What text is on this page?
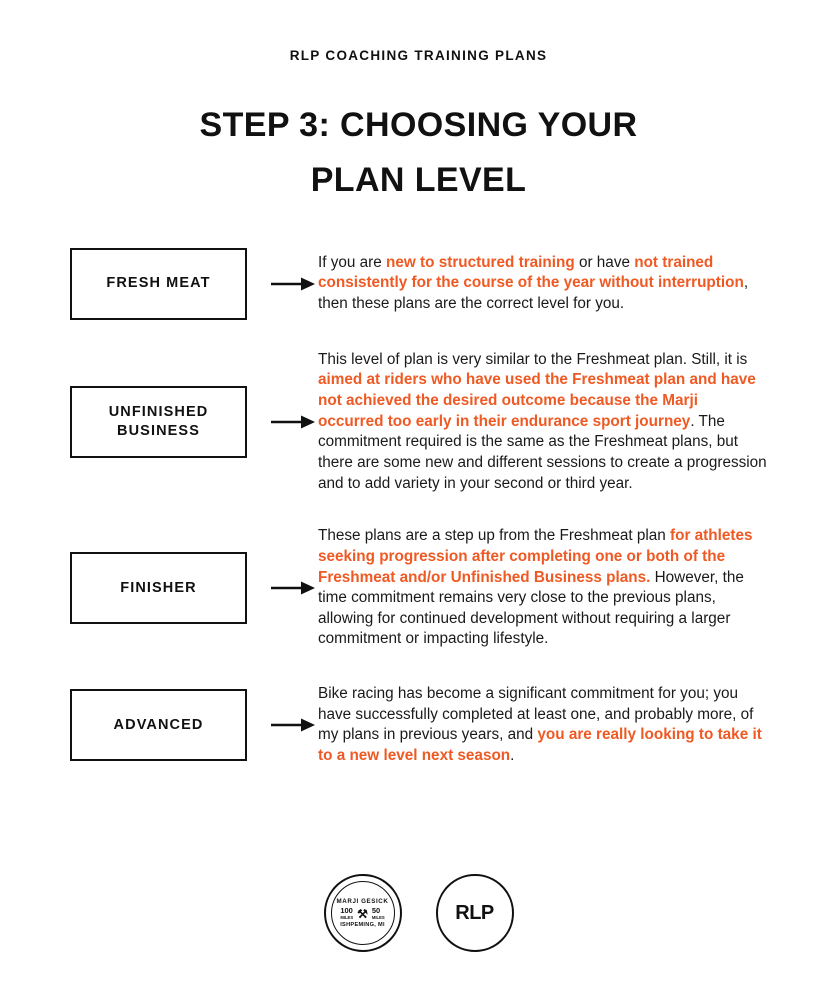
RLP COACHING TRAINING PLANS
STEP 3: CHOOSING YOUR
PLAN LEVEL
FRESH MEAT
If you are new to structured training or have not trained consistently for the course of the year without interruption, then these plans are the correct level for you.
UNFINISHED BUSINESS
This level of plan is very similar to the Freshmeat plan. Still, it is aimed at riders who have used the Freshmeat plan and have not achieved the desired outcome because the Marji occurred too early in their endurance sport journey. The commitment required is the same as the Freshmeat plans, but there are some new and different sessions to create a progression and to add variety in your second or third year.
FINISHER
These plans are a step up from the Freshmeat plan for athletes seeking progression after completing one or both of the Freshmeat and/or Unfinished Business plans. However, the time commitment remains very close to the previous plans, allowing for continued development without requiring a larger commitment or impacting lifestyle.
ADVANCED
Bike racing has become a significant commitment for you; you have successfully completed at least one, and probably more, of my plans in previous years, and you are really looking to take it to a new level next season.
MARJI GESICK
100
MILES ⚒ 50
MILES
ISHPEMING, MI
RLP
